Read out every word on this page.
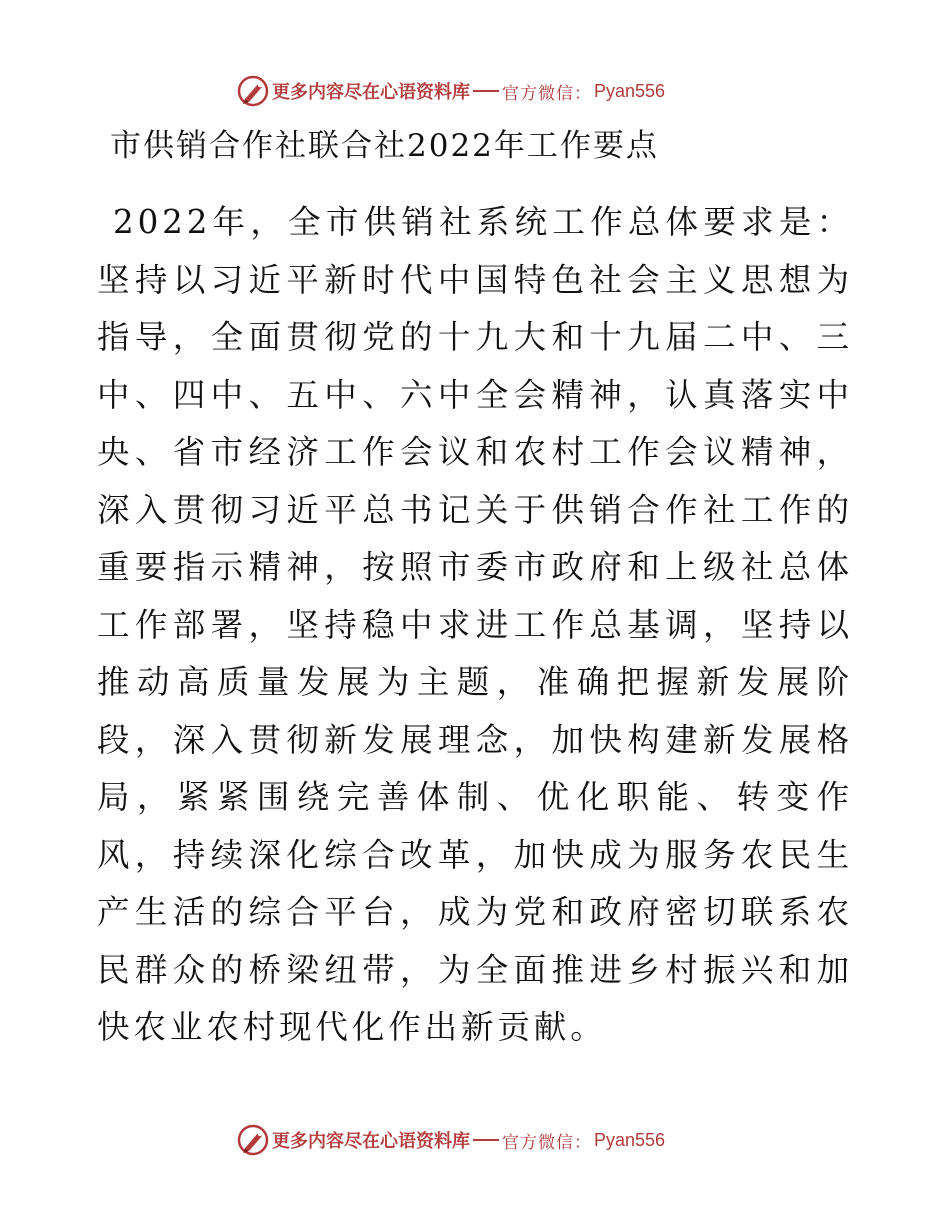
更多内容尽在心语资料库 官方微信： Pyan556
市供销合作社联合社2022年工作要点

2022年，全市供销社系统工作总体要求是：坚持以习近平新时代中国特色社会主义思想为指导，全面贯彻党的十九大和十九届二中、三中、四中、五中、六中全会精神，认真落实中央、省市经济工作会议和农村工作会议精神，深入贯彻习近平总书记关于供销合作社工作的重要指示精神，按照市委市政府和上级社总体工作部署，坚持稳中求进工作总基调，坚持以推动高质量发展为主题，准确把握新发展阶段，深入贯彻新发展理念，加快构建新发展格局，紧紧围绕完善体制、优化职能、转变作风，持续深化综合改革，加快成为服务农民生产生活的综合平台，成为党和政府密切联系农民群众的桥梁纽带，为全面推进乡村振兴和加快农业农村现代化作出新贡献。

更多内容尽在心语资料库 官方微信： Pyan556
